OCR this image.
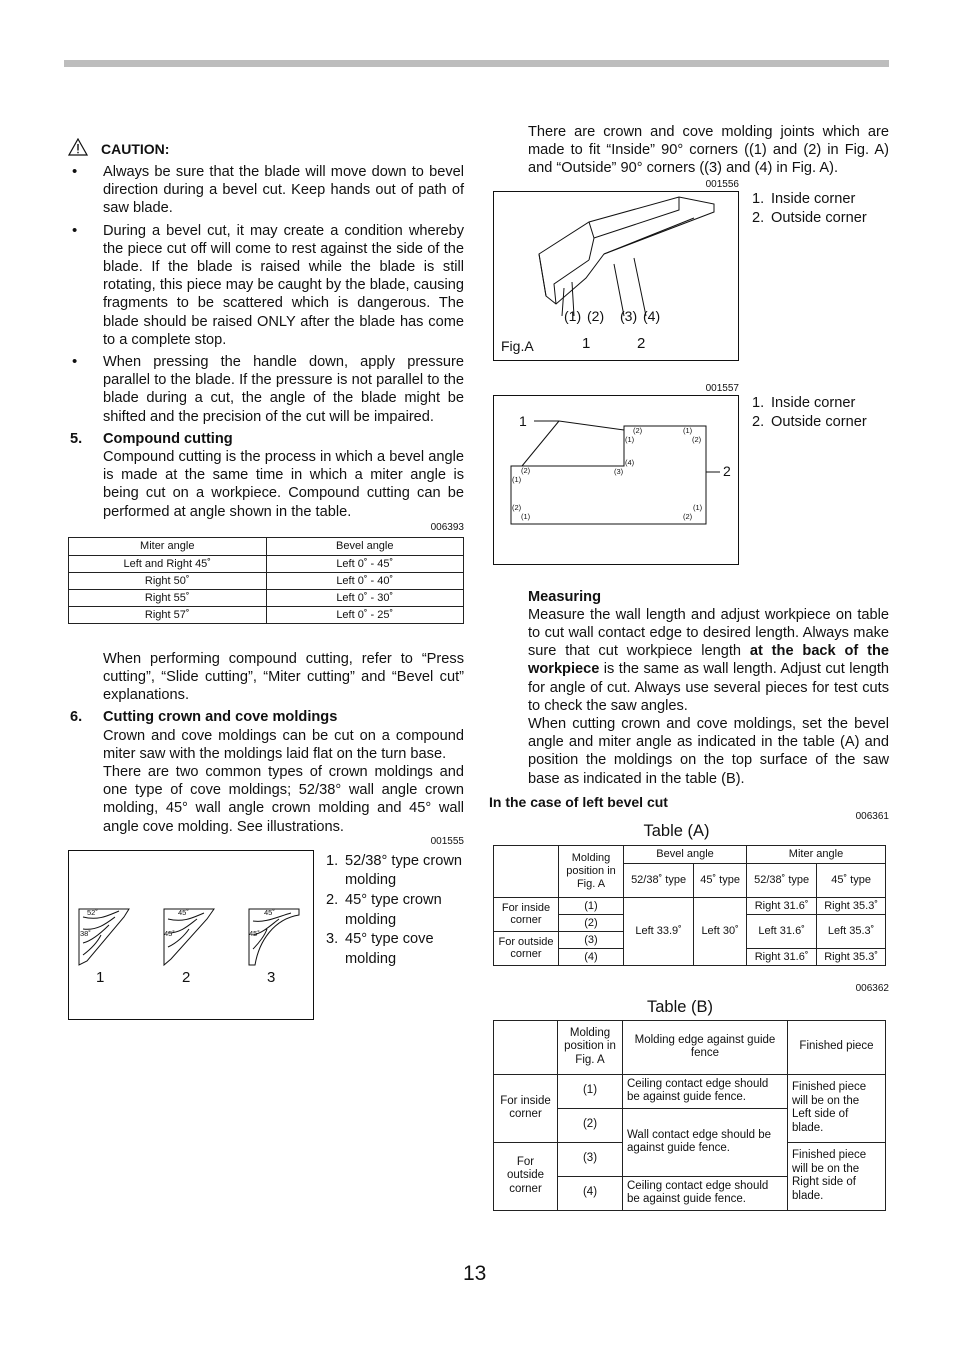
CAUTION:
• Always be sure that the blade will move down to bevel direction during a bevel cut. Keep hands out of path of saw blade.
• During a bevel cut, it may create a condition whereby the piece cut off will come to rest against the side of the blade. If the blade is raised while the blade is still rotating, this piece may be caught by the blade, causing fragments to be scattered which is dangerous. The blade should be raised ONLY after the blade has come to a complete stop.
• When pressing the handle down, apply pressure parallel to the blade. If the pressure is not parallel to the blade during a cut, the angle of the blade might be shifted and the precision of the cut will be impaired.
5. Compound cutting
Compound cutting is the process in which a bevel angle is made at the same time in which a miter angle is being cut on a workpiece. Compound cutting can be performed at angle shown in the table.
006393
Miter angle	Bevel angle
Left and Right 45˚	Left 0˚ - 45˚
Right 50˚	Left 0˚ - 40˚
Right 55˚	Left 0˚ - 30˚
Right 57˚	Left 0˚ - 25˚
When performing compound cutting, refer to “Press cutting”, “Slide cutting”, “Miter cutting” and “Bevel cut” explanations.
6. Cutting crown and cove moldings
Crown and cove moldings can be cut on a compound miter saw with the moldings laid flat on the turn base.
There are two common types of crown moldings and one type of cove moldings; 52/38° wall angle crown molding, 45° wall angle crown molding and 45° wall angle cove molding. See illustrations.
001555
52˚
38˚
45˚
45˚
45˚
45˚
1	2	3
1. 52/38° type crown molding
2. 45° type crown molding
3. 45° type cove molding
There are crown and cove molding joints which are made to fit “Inside” 90° corners ((1) and (2) in Fig. A) and “Outside” 90° corners ((3) and (4) in Fig. A).
001556
(1) (2) (3) (4)
Fig.A	1	2
1. Inside corner
2. Outside corner
001557
1
2
(2)
(1)
(1)
(2)
(4)
(3)
(2)
(1)
(2)
(1)
(1)
(2)
1. Inside corner
2. Outside corner
Measuring
Measure the wall length and adjust workpiece on table to cut wall contact edge to desired length. Always make sure that cut workpiece length at the back of the workpiece is the same as wall length. Adjust cut length for angle of cut. Always use several pieces for test cuts to check the saw angles.
When cutting crown and cove moldings, set the bevel angle and miter angle as indicated in the table (A) and position the moldings on the top surface of the saw base as indicated in the table (B).
In the case of left bevel cut
006361
Table (A)
	Molding position in Fig. A	Bevel angle		Miter angle	
		52/38˚ type	45˚ type	52/38˚ type	45˚ type
For inside corner	(1)	Left 33.9˚	Left 30˚	Right 31.6˚	Right 35.3˚
	(2)			Left 31.6˚	Left 35.3˚
For outside corner	(3)				
	(4)			Right 31.6˚	Right 35.3˚
006362
Table (B)
	Molding position in Fig. A	Molding edge against guide fence	Finished piece
For inside corner	(1)	Ceiling contact edge should be against guide fence.	Finished piece will be on the Left side of blade.
	(2)	Wall contact edge should be against guide fence.	
For outside corner	(3)		Finished piece will be on the Right side of blade.
	(4)	Ceiling contact edge should be against guide fence.	
13
